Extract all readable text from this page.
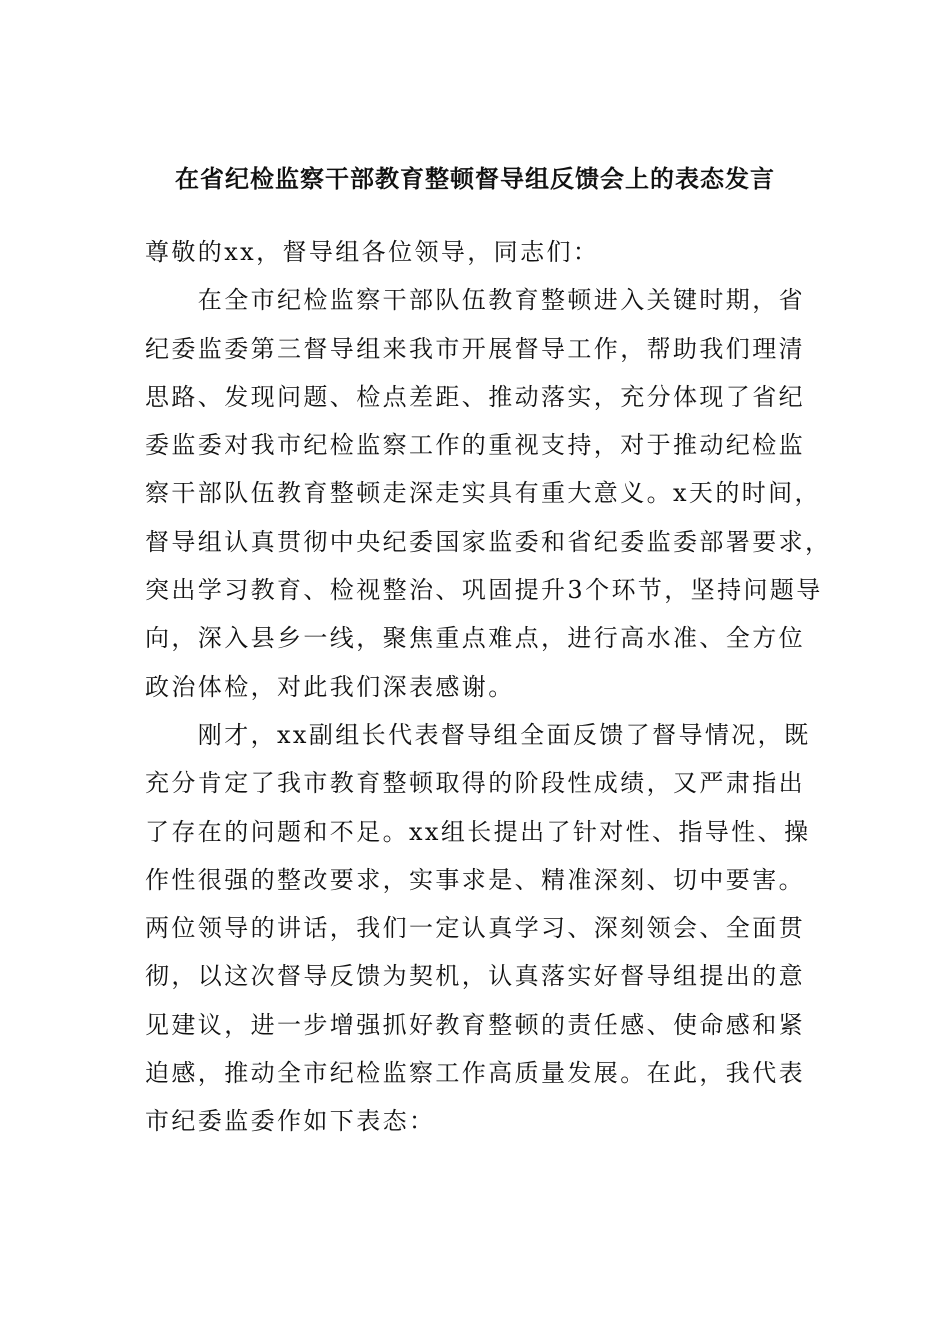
在省纪检监察干部教育整顿督导组反馈会上的表态发言
尊敬的xx，督导组各位领导，同志们：
　　在全市纪检监察干部队伍教育整顿进入关键时期，省
纪委监委第三督导组来我市开展督导工作，帮助我们理清
思路、发现问题、检点差距、推动落实，充分体现了省纪
委监委对我市纪检监察工作的重视支持，对于推动纪检监
察干部队伍教育整顿走深走实具有重大意义。x天的时间，
督导组认真贯彻中央纪委国家监委和省纪委监委部署要求，
突出学习教育、检视整治、巩固提升3个环节，坚持问题导
向，深入县乡一线，聚焦重点难点，进行高水准、全方位
政治体检，对此我们深表感谢。
　　刚才，xx副组长代表督导组全面反馈了督导情况，既
充分肯定了我市教育整顿取得的阶段性成绩，又严肃指出
了存在的问题和不足。xx组长提出了针对性、指导性、操
作性很强的整改要求，实事求是、精准深刻、切中要害。
两位领导的讲话，我们一定认真学习、深刻领会、全面贯
彻，以这次督导反馈为契机，认真落实好督导组提出的意
见建议，进一步增强抓好教育整顿的责任感、使命感和紧
迫感，推动全市纪检监察工作高质量发展。在此，我代表
市纪委监委作如下表态：
